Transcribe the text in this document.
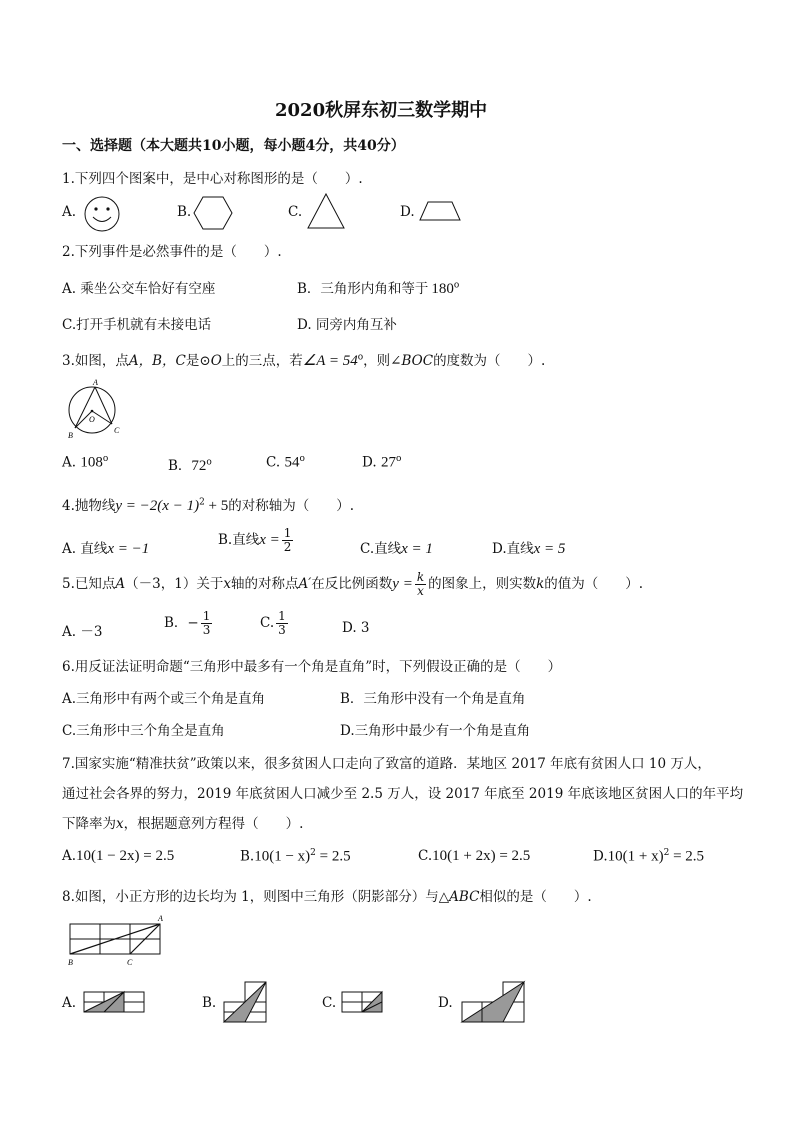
2020秋屏东初三数学期中
一、选择题（本大题共10小题，每小题4分，共40分）
1.下列四个图案中，是中心对称图形的是（　　）.
A.	B.	C.	D.
2.下列事件是必然事件的是（　　）.
A. 乘坐公交车恰好有空座	B．三角形内角和等于 180$^o$
C.打开手机就有未接电话	D. 同旁内角互补
3.如图，点A，B，C是⊙O上的三点，若∠A = $54^o$，则∠BOC的度数为（　　）.
A
O
B
C
A. 108$^o$	B．72$^o$	C. 54$^o$	D. 27$^o$
4.抛物线$y = -2(x - 1)^2 + 5$的对称轴为（　　）.
A. 直线x = −1
B.直线$x = \frac{1}{2}$	C.直线x = 1	D.直线x = 5
5.已知点A（－3，1）关于x轴的对称点A′在反比例函数$y = \frac{k}{x}$ 的图象上，则实数k的值为（　　）.
A. －3
B．− $\frac{1}{3}$	C. $\frac{1}{3}$	D. 3
6.用反证法证明命题“三角形中最多有一个角是直角”时，下列假设正确的是（　　）
A.三角形中有两个或三个角是直角	B．三角形中没有一个角是直角
C.三角形中三个角全是直角	D.三角形中最少有一个角是直角
7.国家实施“精准扶贫”政策以来，很多贫困人口走向了致富的道路．某地区 2017 年底有贫困人口 10 万人，
通过社会各界的努力，2019 年底贫困人口减少至 2.5 万人，设 2017 年底至 2019 年底该地区贫困人口的年平均
下降率为x，根据题意列方程得（　　）.
A.10(1 − 2x) = 2.5	$B.10(1 - x)^2 = 2.5$	C.10(1 + 2x) = 2.5	$D.10(1 + x)^2 = 2.5$
8.如图，小正方形的边长均为 1，则图中三角形（阴影部分）与△ABC相似的是（　　）.
A
B	C
A.	B.	C.	D.
